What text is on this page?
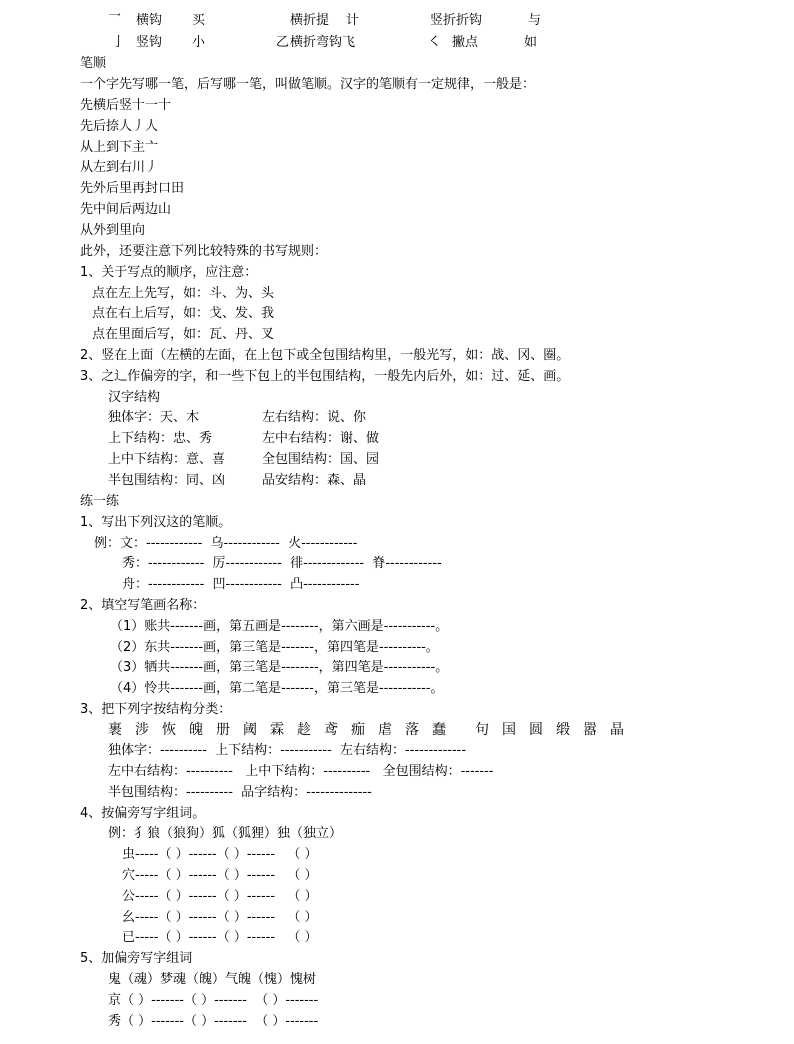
乛 横钩 买	横折提 计	竖折折钩	与
亅 竖钩 小	乙 横折弯钩 飞	㇛ 撇点	如
笔顺
一个字先写哪一笔，后写哪一笔，叫做笔顺。汉字的笔顺有一定规律，一般是：
先横后竖十一十
先后捺人丿人
从上到下主亠
从左到右川丿
先外后里再封口田
先中间后两边山
从外到里向
此外，还要注意下列比较特殊的书写规则：
1、关于写点的顺序，应注意：
点在左上先写，如：斗、为、头
点在右上后写，如：戈、发、我
点在里面后写，如：瓦、丹、叉
2、竖在上面（左横的左面，在上包下或全包围结构里，一般光写，如：战、冈、圈。
3、之辶作偏旁的字，和一些下包上的半包围结构，一般先内后外，如：过、延、画。
汉字结构
独体字：天、木	左右结构：说、你
上下结构：忠、秀	左中右结构：谢、做
上中下结构：意、喜	全包围结构：国、园
半包围结构：同、凶	品安结构：森、晶
练一练
1、写出下列汉这的笔顺。
例：文：------------  乌------------  火------------
秀：------------  厉------------  徘-------------  脊------------
舟：------------  凹------------  凸------------
2、填空写笔画名称：
（1）账共-------画，第五画是--------，第六画是-----------。
（2）东共-------画，第三笔是-------，第四笔是----------。
（3）牺共-------画，第三笔是--------，第四笔是-----------。
（4）怜共-------画，第二笔是-------，第三笔是-----------。
3、把下列字按结构分类：
裹 涉 恢 魄 册 阈 霖 趁 鸢 痂 虐 落 蠢 句 国 圆 缎 嚣 晶
独体字：----------  上下结构：-----------  左右结构：-------------
左中右结构：----------   上中下结构：----------   全包围结构：-------
半包围结构：----------  品字结构：--------------
4、按偏旁写字组词。
例：犭狼（狼狗）狐（狐狸）独（独立）
虫-----（ ）------（ ）------   （ ）
穴-----（ ）------（ ）------   （ ）
公-----（ ）------（ ）------   （ ）
幺-----（ ）------（ ）------   （ ）
已-----（ ）------（ ）------   （ ）
5、加偏旁写字组词
鬼（魂）梦魂（魄）气魄（愧）愧树
京（ ）-------（ ）-------  （ ）-------
秀（ ）-------（ ）-------  （ ）-------
